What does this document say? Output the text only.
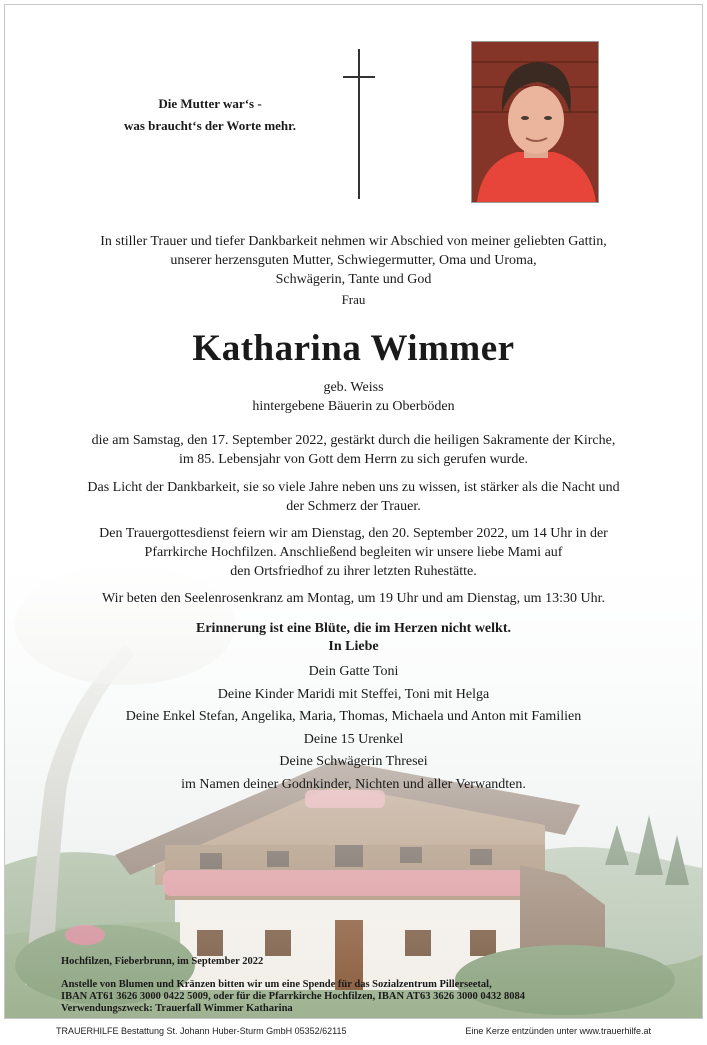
Die Mutter war‘s -
was braucht‘s der Worte mehr.
In stiller Trauer und tiefer Dankbarkeit nehmen wir Abschied von meiner geliebten Gattin,
unserer herzensguten Mutter, Schwiegermutter, Oma und Uroma,
Schwägerin, Tante und God
Frau
Katharina Wimmer
geb. Weiss
hintergebene Bäuerin zu Oberböden
die am Samstag, den 17. September 2022, gestärkt durch die heiligen Sakramente der Kirche,
im 85. Lebensjahr von Gott dem Herrn zu sich gerufen wurde.
Das Licht der Dankbarkeit, sie so viele Jahre neben uns zu wissen, ist stärker als die Nacht und
der Schmerz der Trauer.
Den Trauergottesdienst feiern wir am Dienstag, den 20. September 2022, um 14 Uhr in der
Pfarrkirche Hochfilzen. Anschließend begleiten wir unsere liebe Mami auf
den Ortsfriedhof zu ihrer letzten Ruhestätte.
Wir beten den Seelenrosenkranz am Montag, um 19 Uhr und am Dienstag, um 13:30 Uhr.
Erinnerung ist eine Blüte, die im Herzen nicht welkt.
In Liebe
Dein Gatte Toni
Deine Kinder Maridi mit Steffei, Toni mit Helga
Deine Enkel Stefan, Angelika, Maria, Thomas, Michaela und Anton mit Familien
Deine 15 Urenkel
Deine Schwägerin Thresei
im Namen deiner Godnkinder, Nichten und aller Verwandten.
Hochfilzen, Fieberbrunn, im September 2022
Anstelle von Blumen und Kränzen bitten wir um eine Spende für das Sozialzentrum Pillerseetal,
IBAN AT61 3626 3000 0422 5009, oder für die Pfarrkirche Hochfilzen, IBAN AT63 3626 3000 0432 8084
Verwendungszweck: Trauerfall Wimmer Katharina
TRAUERHILFE Bestattung St. Johann Huber-Sturm GmbH 05352/62115	Eine Kerze entzünden unter www.trauerhilfe.at
